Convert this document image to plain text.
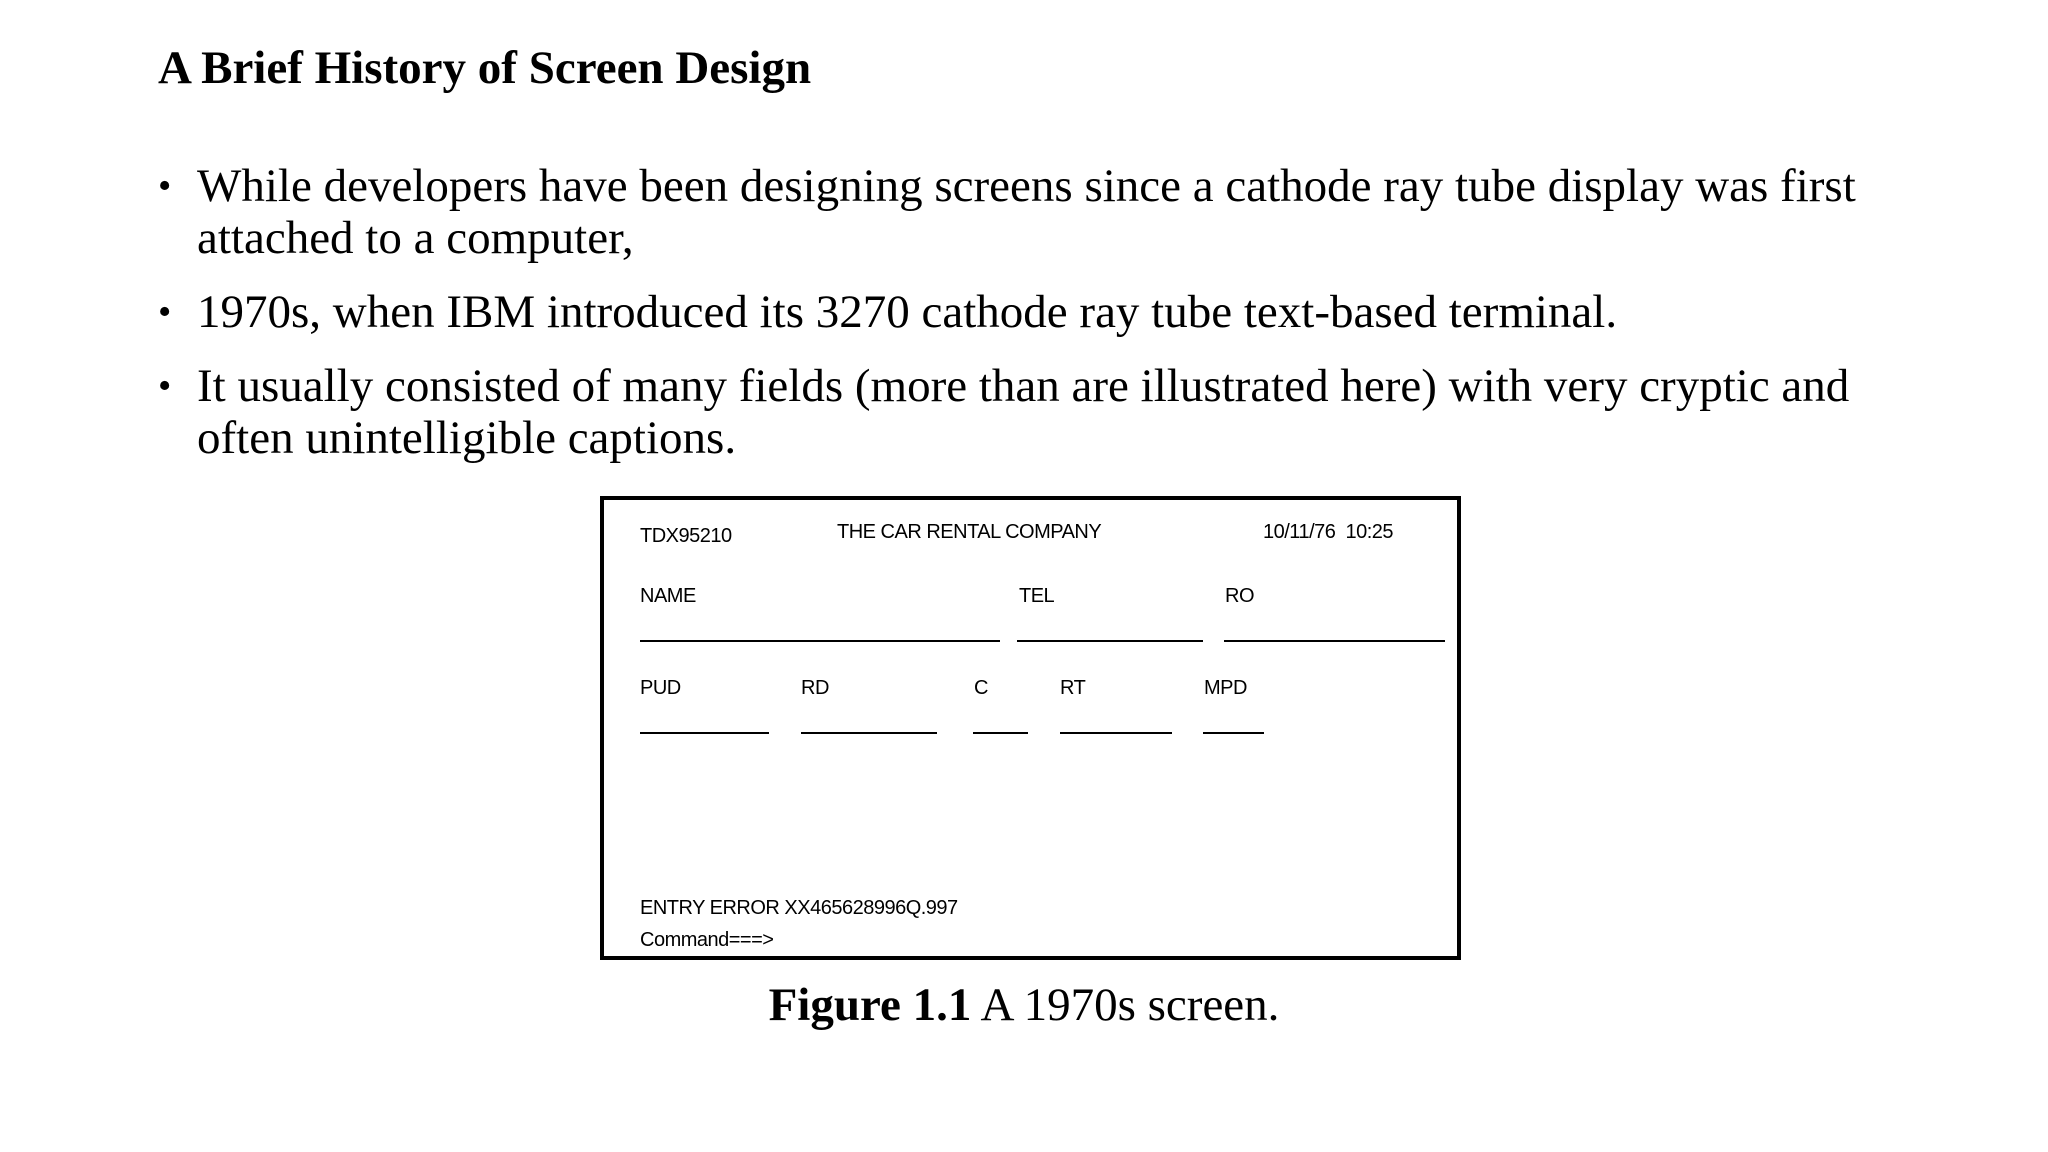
A Brief History of Screen Design
• While developers have been designing screens since a cathode ray tube display was first attached to a computer,
• 1970s, when IBM introduced its 3270 cathode ray tube text-based terminal.
• It usually consisted of many fields (more than are illustrated here) with very cryptic and often unintelligible captions.
TDX95210	THE CAR RENTAL COMPANY	10/11/76  10:25
NAME	TEL	RO
PUD	RD	C	RT	MPD
ENTRY ERROR XX465628996Q.997
Command===>
Figure 1.1 A 1970s screen.
